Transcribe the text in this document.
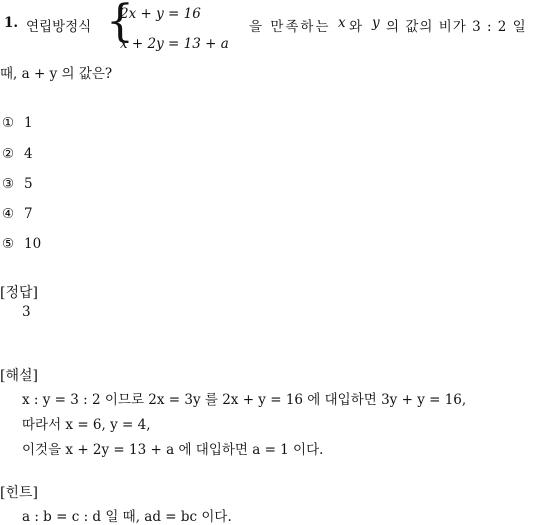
1. 연립방정식 {
2x + y = 16
x + 2y = 13 + a
을 만족하는 x 와 y 의 값의 비가 3 : 2 일
때, a + y 의 값은?
① 1
② 4
③ 5
④ 7
⑤ 10
[정답]
3
[해설]
x : y = 3 : 2 이므로 2x = 3y 를 2x + y = 16 에 대입하면 3y + y = 16,
따라서 x = 6, y = 4,
이것을 x + 2y = 13 + a 에 대입하면 a = 1 이다.
[힌트]
a : b = c : d 일 때, ad = bc 이다.
